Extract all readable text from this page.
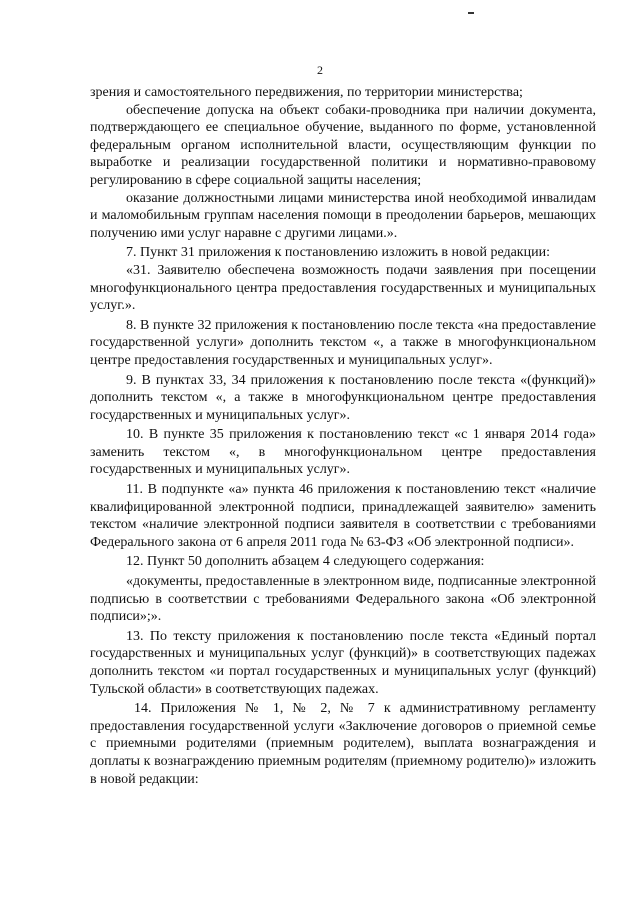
2

зрения и самостоятельного передвижения, по территории министерства;

обеспечение допуска на объект собаки-проводника при наличии документа, подтверждающего ее специальное обучение, выданного по форме, установленной федеральным органом исполнительной власти, осуществляющим функции по выработке и реализации государственной политики и нормативно-правовому регулированию в сфере социальной защиты населения;

оказание должностными лицами министерства иной необходимой инвалидам и маломобильным группам населения помощи в преодолении барьеров, мешающих получению ими услуг наравне с другими лицами.».

7. Пункт 31 приложения к постановлению изложить в новой редакции:

«31. Заявителю обеспечена возможность подачи заявления при посещении многофункционального центра предоставления государственных и муниципальных услуг.».

8. В пункте 32 приложения к постановлению после текста «на предоставление государственной услуги» дополнить текстом «, а также в многофункциональном центре предоставления государственных и муниципальных услуг».

9. В пунктах 33, 34 приложения к постановлению после текста «(функций)» дополнить текстом «, а также в многофункциональном центре предоставления государственных и муниципальных услуг».

10. В пункте 35 приложения к постановлению текст «с 1 января 2014 года» заменить текстом «, в многофункциональном центре предоставления государственных и муниципальных услуг».

11. В подпункте «а» пункта 46 приложения к постановлению текст «наличие квалифицированной электронной подписи, принадлежащей заявителю» заменить текстом «наличие электронной подписи заявителя в соответствии с требованиями Федерального закона от 6 апреля 2011 года № 63-ФЗ «Об электронной подписи».

12. Пункт 50 дополнить абзацем 4 следующего содержания:

«документы, предоставленные в электронном виде, подписанные электронной подписью в соответствии с требованиями Федерального закона «Об электронной подписи»;».

13. По тексту приложения к постановлению после текста «Единый портал государственных и муниципальных услуг (функций)» в соответствующих падежах дополнить текстом «и портал государственных и муниципальных услуг (функций) Тульской области» в соответствующих падежах.

14. Приложения № 1, № 2, № 7 к административному регламенту предоставления государственной услуги «Заключение договоров о приемной семье с приемными родителями (приемным родителем), выплата вознаграждения и доплаты к вознаграждению приемным родителям (приемному родителю)» изложить в новой редакции:
